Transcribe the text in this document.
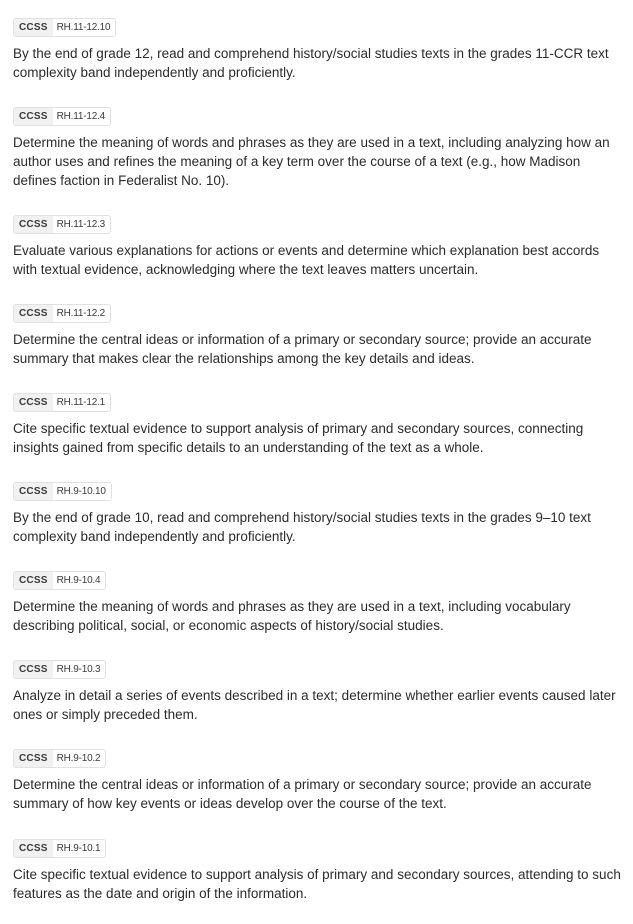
CCSS RH.11-12.10

By the end of grade 12, read and comprehend history/social studies texts in the grades 11-CCR text complexity band independently and proficiently.

CCSS RH.11-12.4

Determine the meaning of words and phrases as they are used in a text, including analyzing how an author uses and refines the meaning of a key term over the course of a text (e.g., how Madison defines faction in Federalist No. 10).

CCSS RH.11-12.3

Evaluate various explanations for actions or events and determine which explanation best accords with textual evidence, acknowledging where the text leaves matters uncertain.

CCSS RH.11-12.2

Determine the central ideas or information of a primary or secondary source; provide an accurate summary that makes clear the relationships among the key details and ideas.

CCSS RH.11-12.1

Cite specific textual evidence to support analysis of primary and secondary sources, connecting insights gained from specific details to an understanding of the text as a whole.

CCSS RH.9-10.10

By the end of grade 10, read and comprehend history/social studies texts in the grades 9–10 text complexity band independently and proficiently.

CCSS RH.9-10.4

Determine the meaning of words and phrases as they are used in a text, including vocabulary describing political, social, or economic aspects of history/social studies.

CCSS RH.9-10.3

Analyze in detail a series of events described in a text; determine whether earlier events caused later ones or simply preceded them.

CCSS RH.9-10.2

Determine the central ideas or information of a primary or secondary source; provide an accurate summary of how key events or ideas develop over the course of the text.

CCSS RH.9-10.1

Cite specific textual evidence to support analysis of primary and secondary sources, attending to such features as the date and origin of the information.
